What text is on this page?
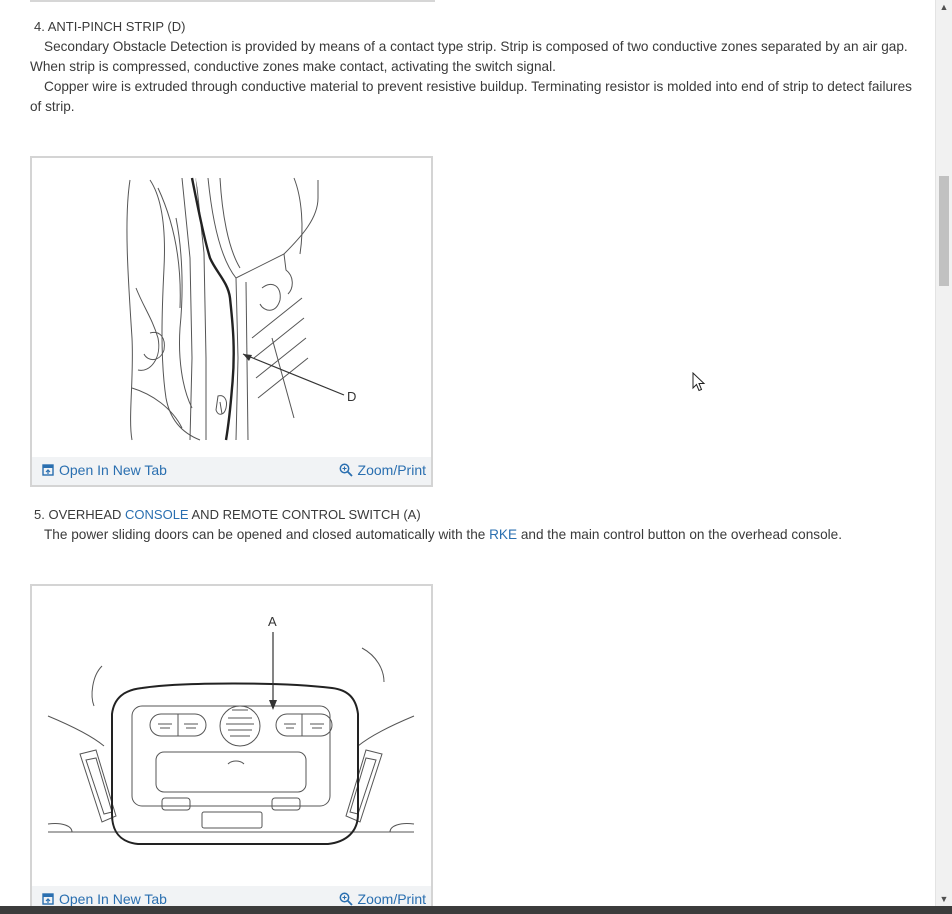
4. ANTI-PINCH STRIP (D)
Secondary Obstacle Detection is provided by means of a contact type strip. Strip is composed of two conductive zones separated by an air gap. When strip is compressed, conductive zones make contact, activating the switch signal.
Copper wire is extruded through conductive material to prevent resistive buildup. Terminating resistor is molded into end of strip to detect failures of strip.
D
Open In New Tab	Zoom/Print
5. OVERHEAD CONSOLE AND REMOTE CONTROL SWITCH (A)
The power sliding doors can be opened and closed automatically with the RKE and the main control button on the overhead console.
A
Open In New Tab	Zoom/Print
▲
▼
